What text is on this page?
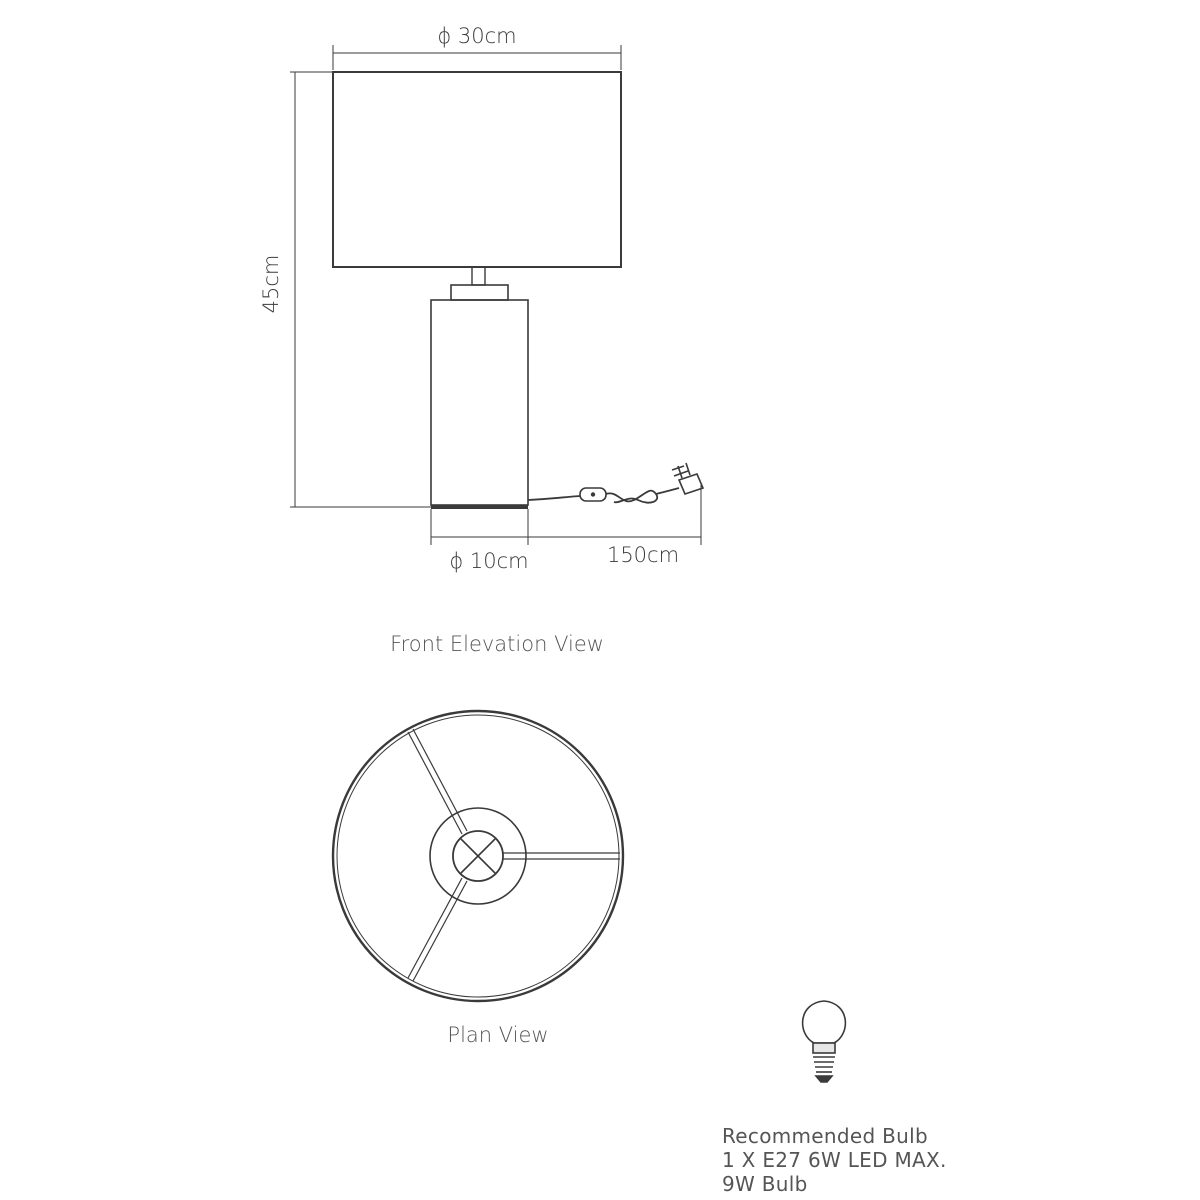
ϕ 30cm
45cm
ϕ 10cm	150cm
Front Elevation View
Plan View
Recommended Bulb
1 X E27 6W LED MAX.
9W Bulb
